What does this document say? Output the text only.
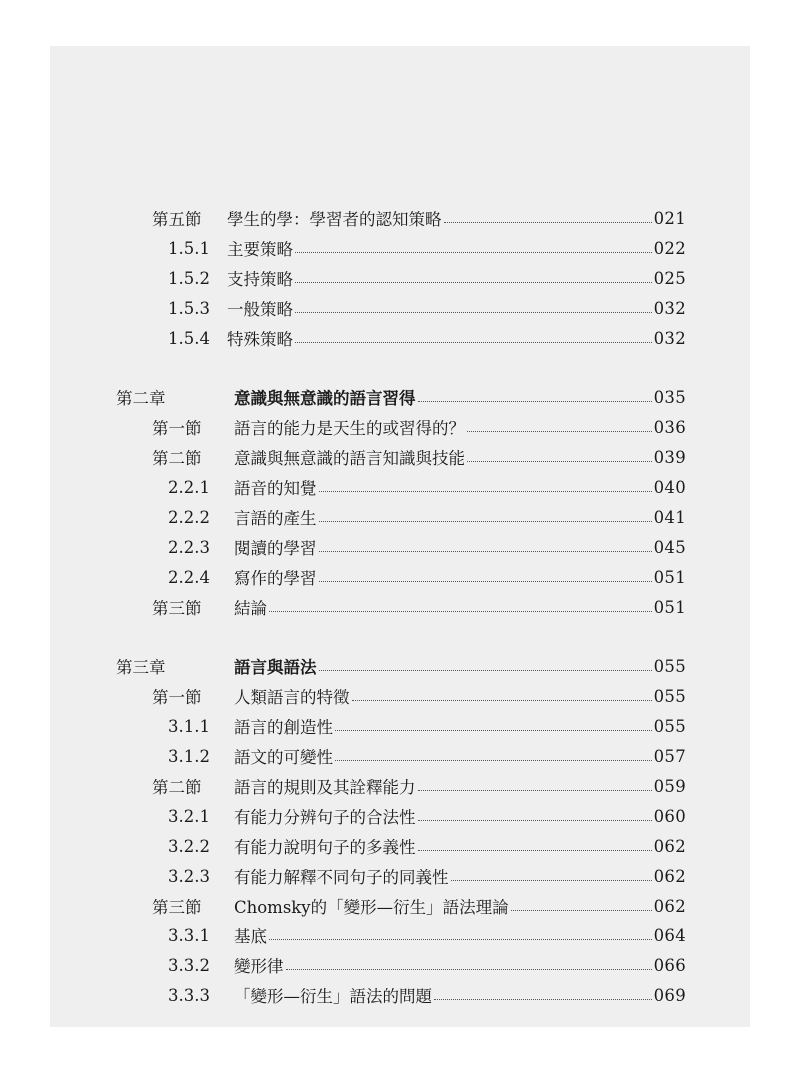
第五節 學生的學：學習者的認知策略	021
1.5.1 主要策略	022
1.5.2 支持策略	025
1.5.3 一般策略	032
1.5.4 特殊策略	032
第二章	意識與無意識的語言習得	035
第一節 語言的能力是天生的或習得的？	036
第二節 意識與無意識的語言知識與技能	039
2.2.1 語音的知覺	040
2.2.2 言語的產生	041
2.2.3 閱讀的學習	045
2.2.4 寫作的學習	051
第三節 結論	051
第三章	語言與語法	055
第一節 人類語言的特徵	055
3.1.1 語言的創造性	055
3.1.2 語文的可變性	057
第二節 語言的規則及其詮釋能力	059
3.2.1 有能力分辨句子的合法性	060
3.2.2 有能力說明句子的多義性	062
3.2.3 有能力解釋不同句子的同義性	062
第三節 Chomsky的「變形—衍生」語法理論	062
3.3.1 基底	064
3.3.2 變形律	066
3.3.3 「變形—衍生」語法的問題	069
